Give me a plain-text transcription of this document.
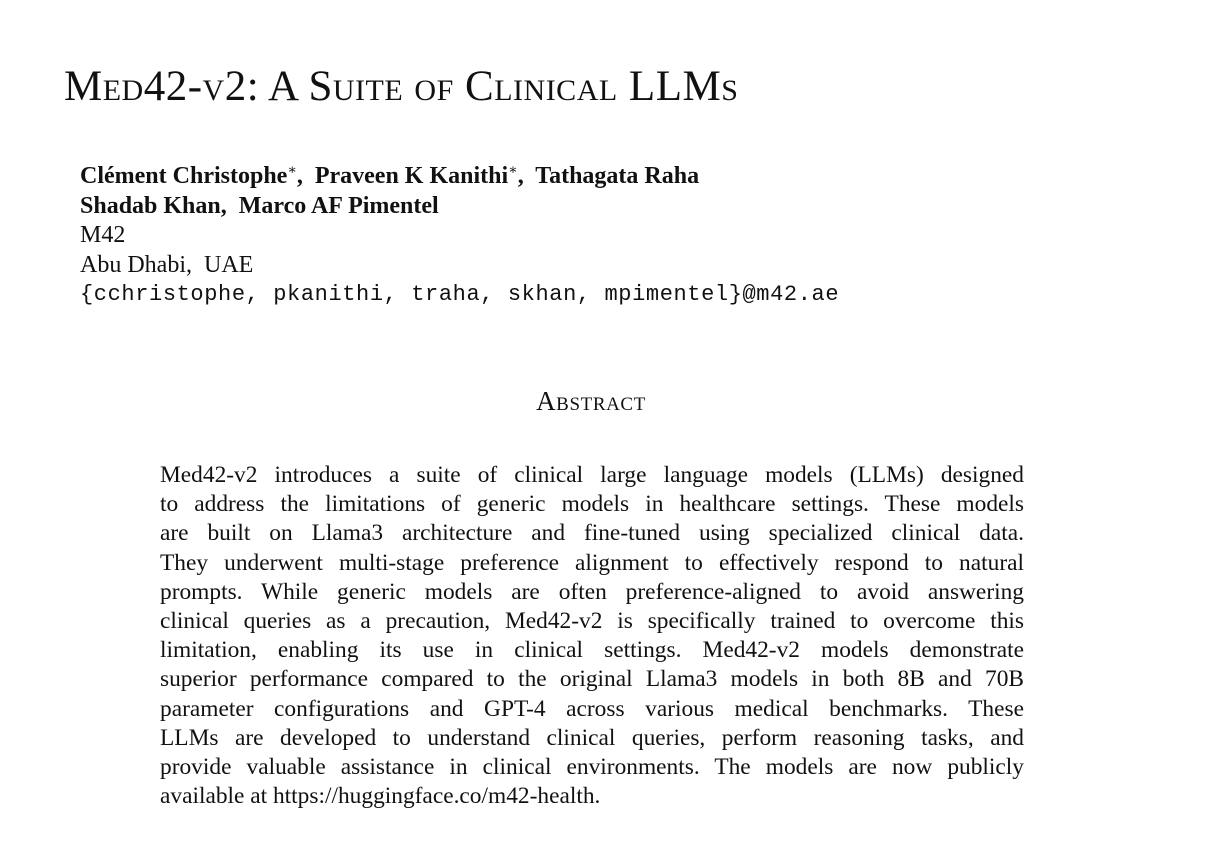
Med42-v2: A Suite of Clinical LLMs
Clément Christophe∗,  Praveen K Kanithi∗,  Tathagata Raha
Shadab Khan,  Marco AF Pimentel
M42
Abu Dhabi,  UAE
{cchristophe, pkanithi, traha, skhan, mpimentel}@m42.ae
Abstract

Med42-v2 introduces a suite of clinical large language models (LLMs) designed
to address the limitations of generic models in healthcare settings. These models
are built on Llama3 architecture and fine-tuned using specialized clinical data.
They underwent multi-stage preference alignment to effectively respond to natural
prompts. While generic models are often preference-aligned to avoid answering
clinical queries as a precaution, Med42-v2 is specifically trained to overcome this
limitation, enabling its use in clinical settings. Med42-v2 models demonstrate
superior performance compared to the original Llama3 models in both 8B and 70B
parameter configurations and GPT-4 across various medical benchmarks. These
LLMs are developed to understand clinical queries, perform reasoning tasks, and
provide valuable assistance in clinical environments. The models are now publicly
available at https://huggingface.co/m42-health.
